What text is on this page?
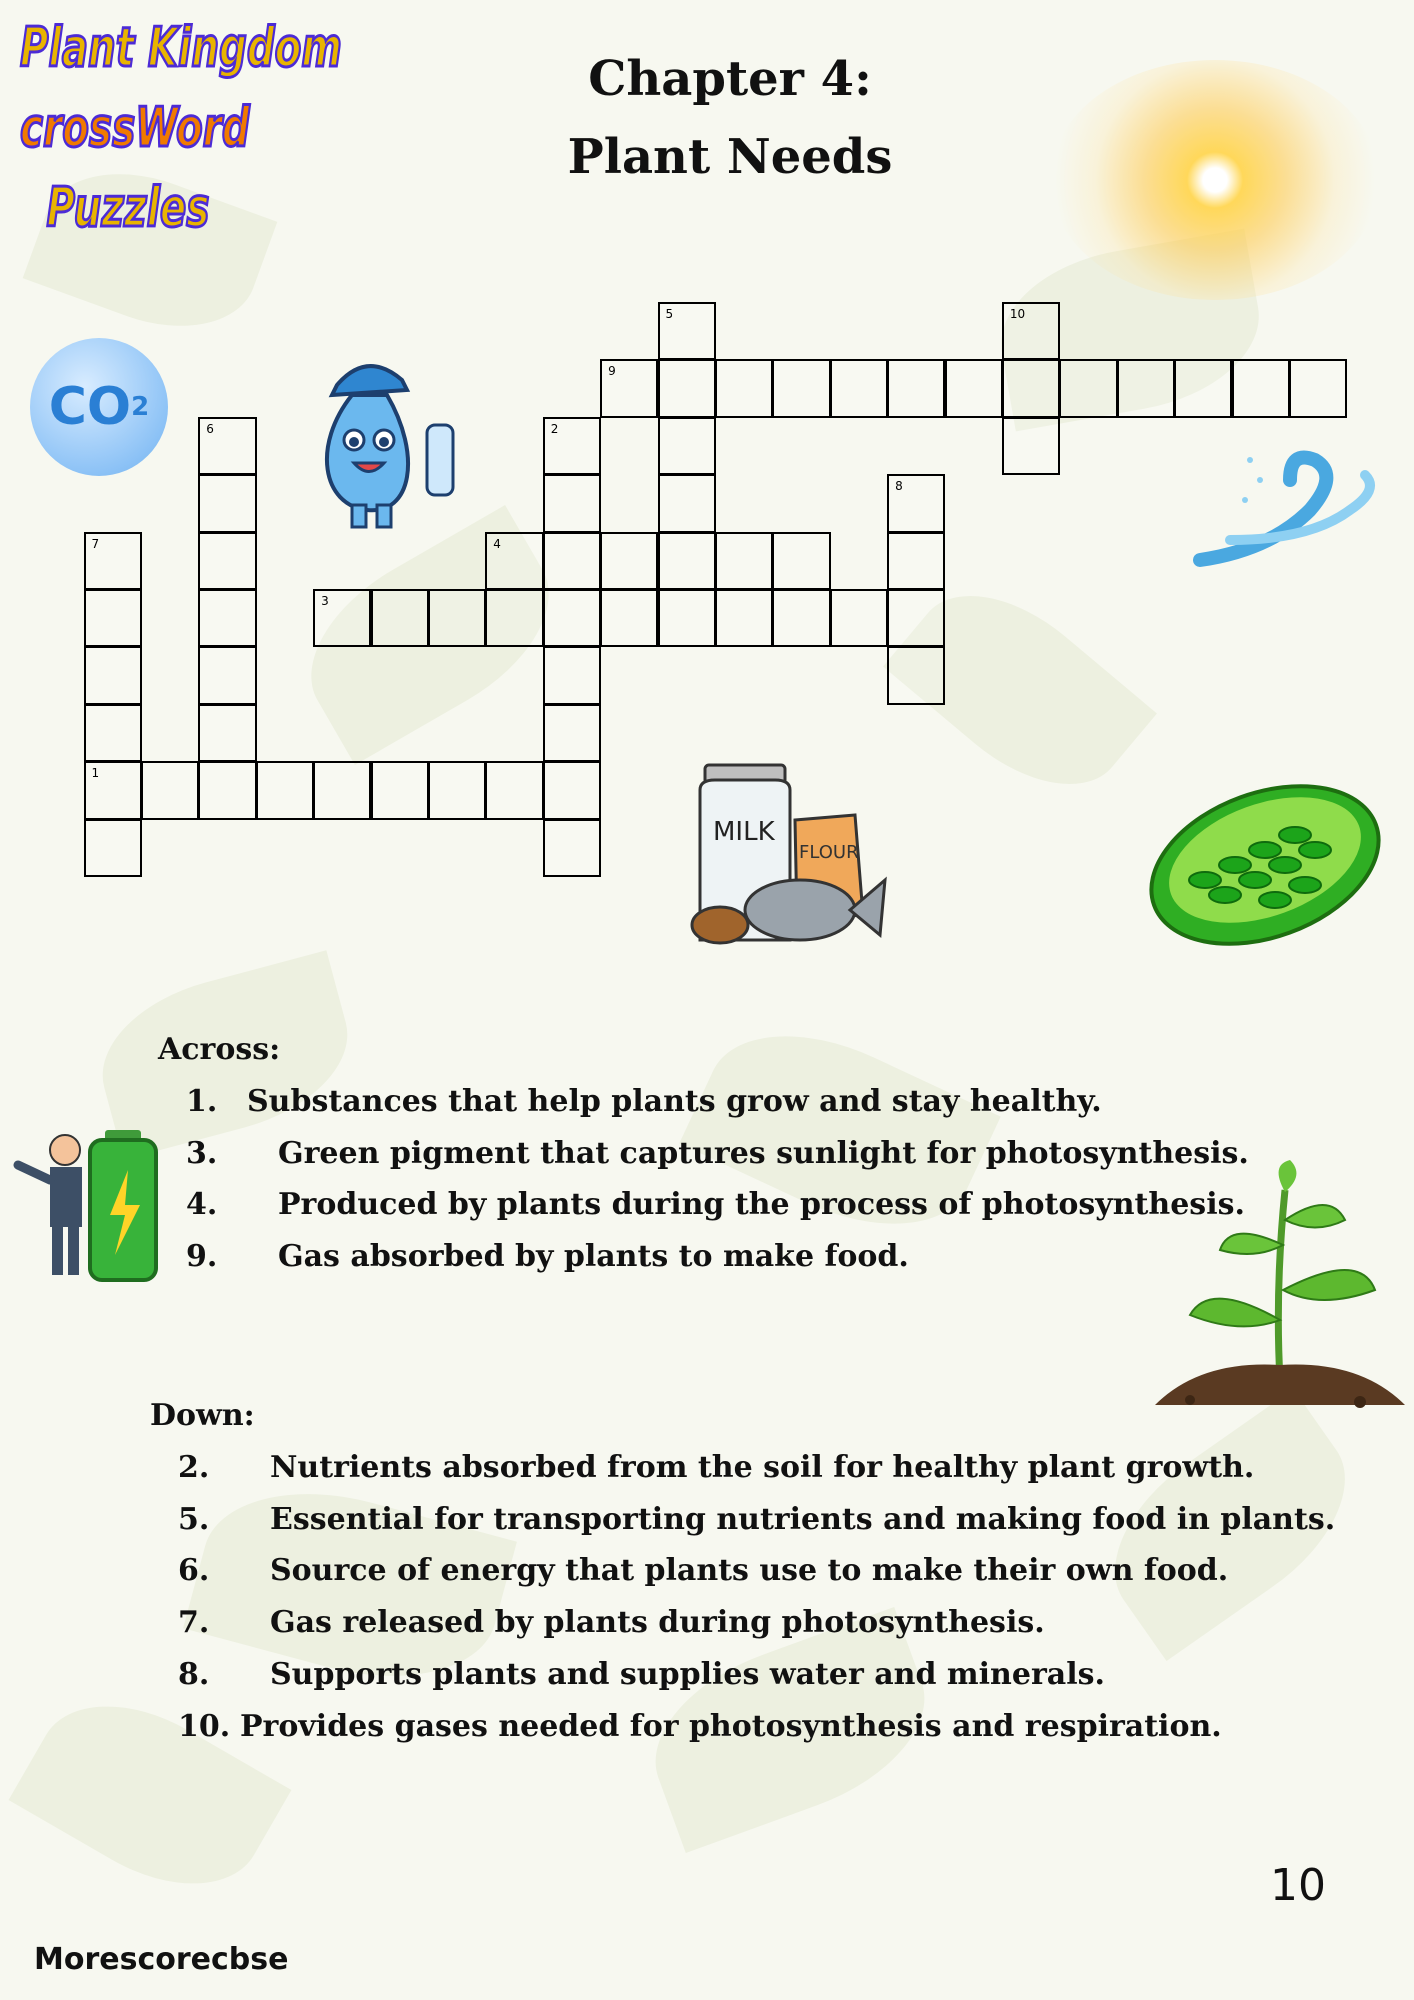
Plant Kingdom
crossWord
Puzzles
Chapter 4:
Plant Needs
CO 2
1
3
4
9
2
5
6
7
8
10
MILK
FLOUR
Across:
1. Substances that help plants grow and stay healthy.
3. Green pigment that captures sunlight for photosynthesis.
4. Produced by plants during the process of photosynthesis.
9. Gas absorbed by plants to make food.
Down:
2. Nutrients absorbed from the soil for healthy plant growth.
5. Essential for transporting nutrients and making food in plants.
6. Source of energy that plants use to make their own food.
7. Gas released by plants during photosynthesis.
8. Supports plants and supplies water and minerals.
10. Provides gases needed for photosynthesis and respiration.
10
Morescorecbse
